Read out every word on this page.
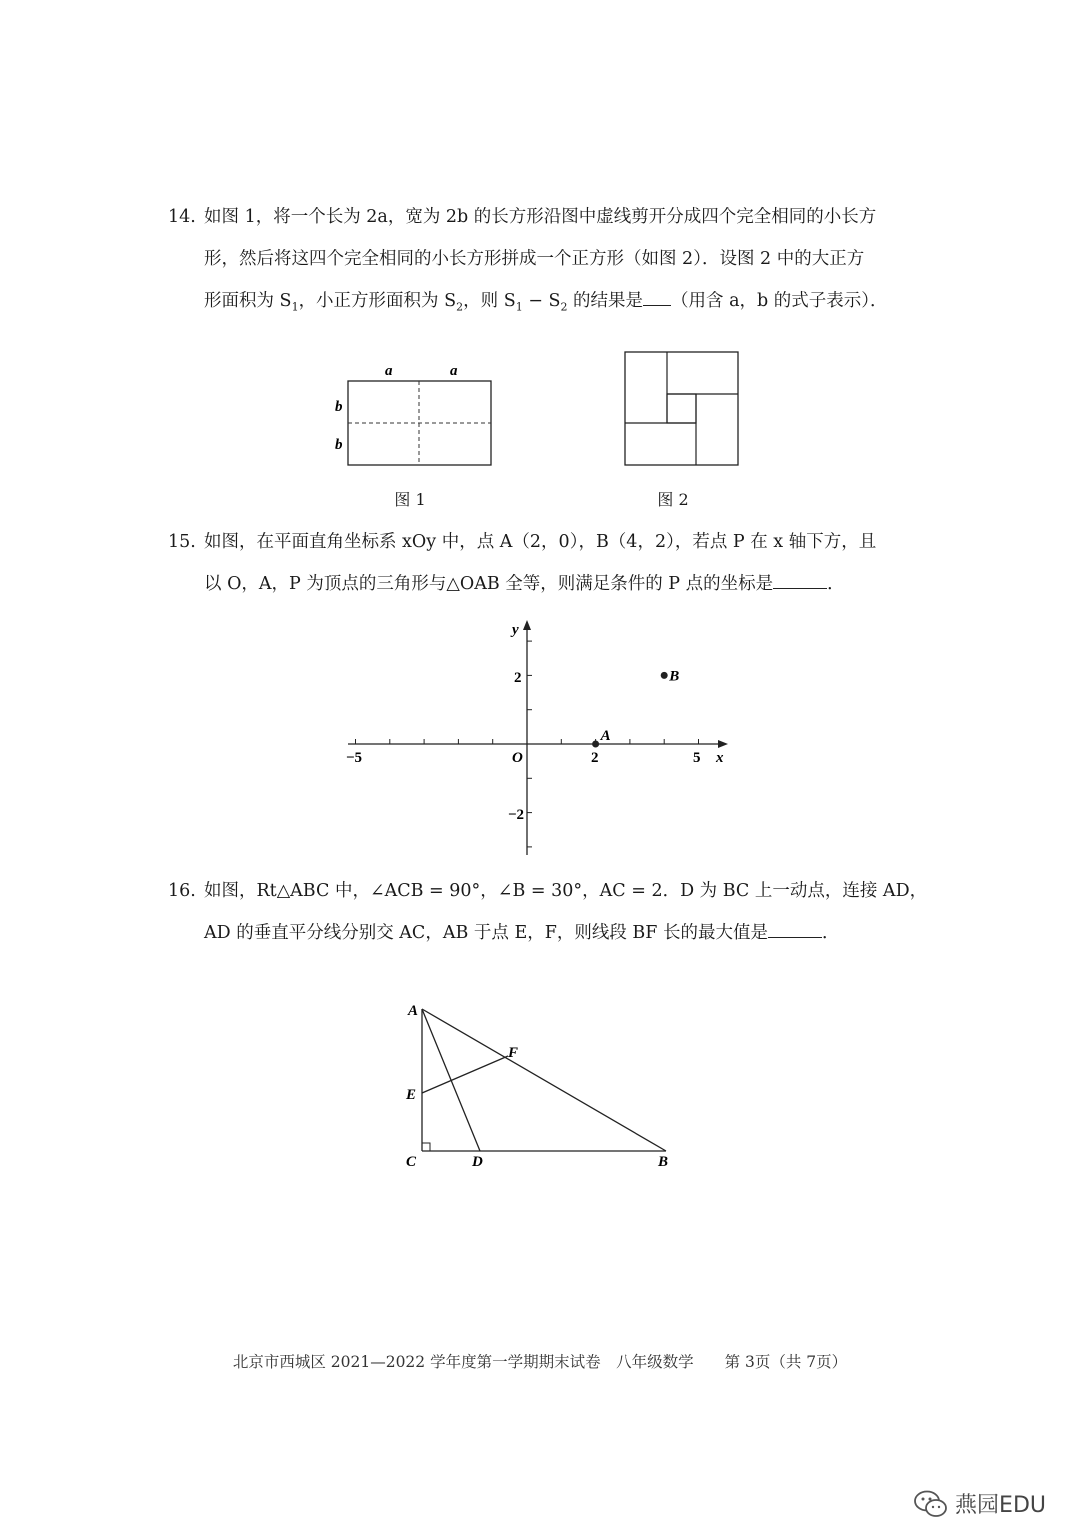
14. 如图 1，将一个长为 2a，宽为 2b 的长方形沿图中虚线剪开分成四个完全相同的小长方
形，然后将这四个完全相同的小长方形拼成一个正方形（如图 2）．设图 2 中的大正方
形面积为 $S_1$，小正方形面积为 $S_2$，则 $S_1 - S_2$ 的结果是 （用含 a，b 的式子表示）．
a	a
b
b
图 1	图 2
15. 如图，在平面直角坐标系 xOy 中，点 A（2，0），B（4，2），若点 P 在 x 轴下方，且
以 O，A，P 为顶点的三角形与△OAB 全等，则满足条件的 P 点的坐标是	．
x
y
O
−5	2	5
2
−2
A
B
16. 如图，Rt△ABC 中，∠ACB = 90°，∠B = 30°，AC = 2．D 为 BC 上一动点，连接 AD，
AD 的垂直平分线分别交 AC，AB 于点 E，F，则线段 BF 长的最大值是	．
A
F
E
C	D	B
北京市西城区 2021—2022 学年度第一学期期末试卷　八年级数学　　第 3页（共 7页）
燕园EDU
